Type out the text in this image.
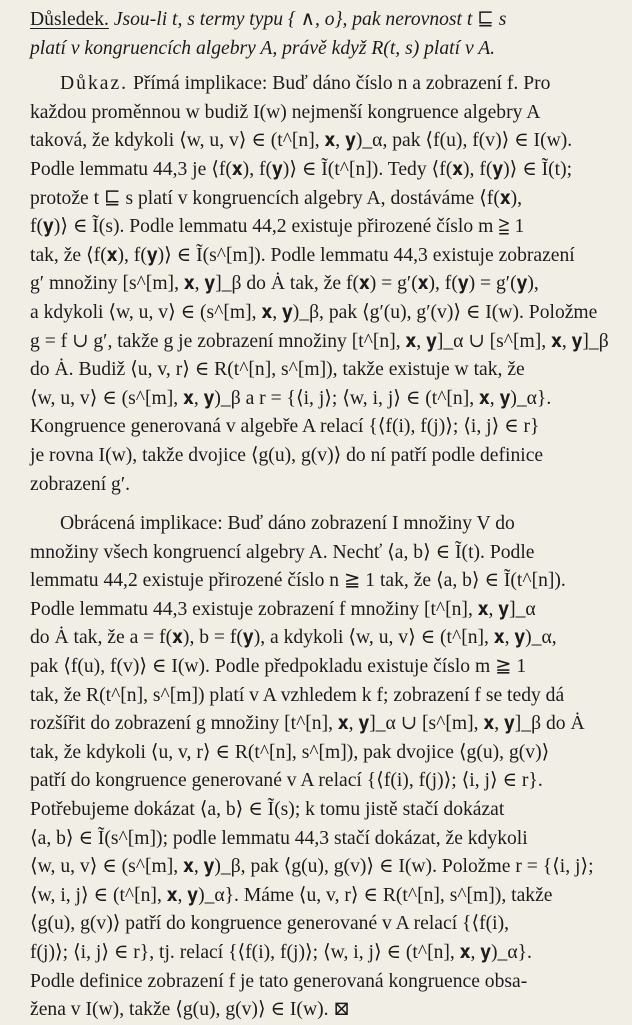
Důsledek. Jsou-li t, s termy typu { ∧, ο}, pak nerovnost t ⊑ s
platí v kongruencích algebry A, právě když R(t, s) platí v A.

Důkaz. Přímá implikace: Buď dáno číslo n a zobrazení f. Pro
každou proměnnou w budiž I(w) nejmenší kongruence algebry A
taková, že kdykoli ⟨w, u, v⟩ ∈ (t^[n], 𝐱, 𝐲)_α, pak ⟨f(u), f(v)⟩ ∈ I(w).
Podle lemmatu 44,3 je ⟨f(𝐱), f(𝐲)⟩ ∈ Ĩ(t^[n]). Tedy ⟨f(𝐱), f(𝐲)⟩ ∈ Ĩ(t);
protože t ⊑ s platí v kongruencích algebry A, dostáváme ⟨f(𝐱),
f(𝐲)⟩ ∈ Ĩ(s). Podle lemmatu 44,2 existuje přirozené číslo m ≧ 1
tak, že ⟨f(𝐱), f(𝐲)⟩ ∈ Ĩ(s^[m]). Podle lemmatu 44,3 existuje zobrazení
g′ množiny [s^[m], 𝐱, 𝐲]_β do Ȧ tak, že f(𝐱) = g′(𝐱), f(𝐲) = g′(𝐲),
a kdykoli ⟨w, u, v⟩ ∈ (s^[m], 𝐱, 𝐲)_β, pak ⟨g′(u), g′(v)⟩ ∈ I(w). Položme
g = f ∪ g′, takže g je zobrazení množiny [t^[n], 𝐱, 𝐲]_α ∪ [s^[m], 𝐱, 𝐲]_β
do Ȧ. Budiž ⟨u, v, r⟩ ∈ R(t^[n], s^[m]), takže existuje w tak, že
⟨w, u, v⟩ ∈ (s^[m], 𝐱, 𝐲)_β a r = {⟨i, j⟩; ⟨w, i, j⟩ ∈ (t^[n], 𝐱, 𝐲)_α}.
Kongruence generovaná v algebře A relací {⟨f(i), f(j)⟩; ⟨i, j⟩ ∈ r}
je rovna I(w), takže dvojice ⟨g(u), g(v)⟩ do ní patří podle definice
zobrazení g′.

Obrácená implikace: Buď dáno zobrazení I množiny V do
množiny všech kongruencí algebry A. Nechť ⟨a, b⟩ ∈ Ĩ(t). Podle
lemmatu 44,2 existuje přirozené číslo n ≧ 1 tak, že ⟨a, b⟩ ∈ Ĩ(t^[n]).
Podle lemmatu 44,3 existuje zobrazení f množiny [t^[n], 𝐱, 𝐲]_α
do Ȧ tak, že a = f(𝐱), b = f(𝐲), a kdykoli ⟨w, u, v⟩ ∈ (t^[n], 𝐱, 𝐲)_α,
pak ⟨f(u), f(v)⟩ ∈ I(w). Podle předpokladu existuje číslo m ≧ 1
tak, že R(t^[n], s^[m]) platí v A vzhledem k f; zobrazení f se tedy dá
rozšířit do zobrazení g množiny [t^[n], 𝐱, 𝐲]_α ∪ [s^[m], 𝐱, 𝐲]_β do Ȧ
tak, že kdykoli ⟨u, v, r⟩ ∈ R(t^[n], s^[m]), pak dvojice ⟨g(u), g(v)⟩
patří do kongruence generované v A relací {⟨f(i), f(j)⟩; ⟨i, j⟩ ∈ r}.
Potřebujeme dokázat ⟨a, b⟩ ∈ Ĩ(s); k tomu jistě stačí dokázat
⟨a, b⟩ ∈ Ĩ(s^[m]); podle lemmatu 44,3 stačí dokázat, že kdykoli
⟨w, u, v⟩ ∈ (s^[m], 𝐱, 𝐲)_β, pak ⟨g(u), g(v)⟩ ∈ I(w). Položme r = {⟨i, j⟩;
⟨w, i, j⟩ ∈ (t^[n], 𝐱, 𝐲)_α}. Máme ⟨u, v, r⟩ ∈ R(t^[n], s^[m]), takže
⟨g(u), g(v)⟩ patří do kongruence generované v A relací {⟨f(i),
f(j)⟩; ⟨i, j⟩ ∈ r}, tj. relací {⟨f(i), f(j)⟩; ⟨w, i, j⟩ ∈ (t^[n], 𝐱, 𝐲)_α}.
Podle definice zobrazení f je tato generovaná kongruence obsa-
žena v I(w), takže ⟨g(u), g(v)⟩ ∈ I(w). ⊠
